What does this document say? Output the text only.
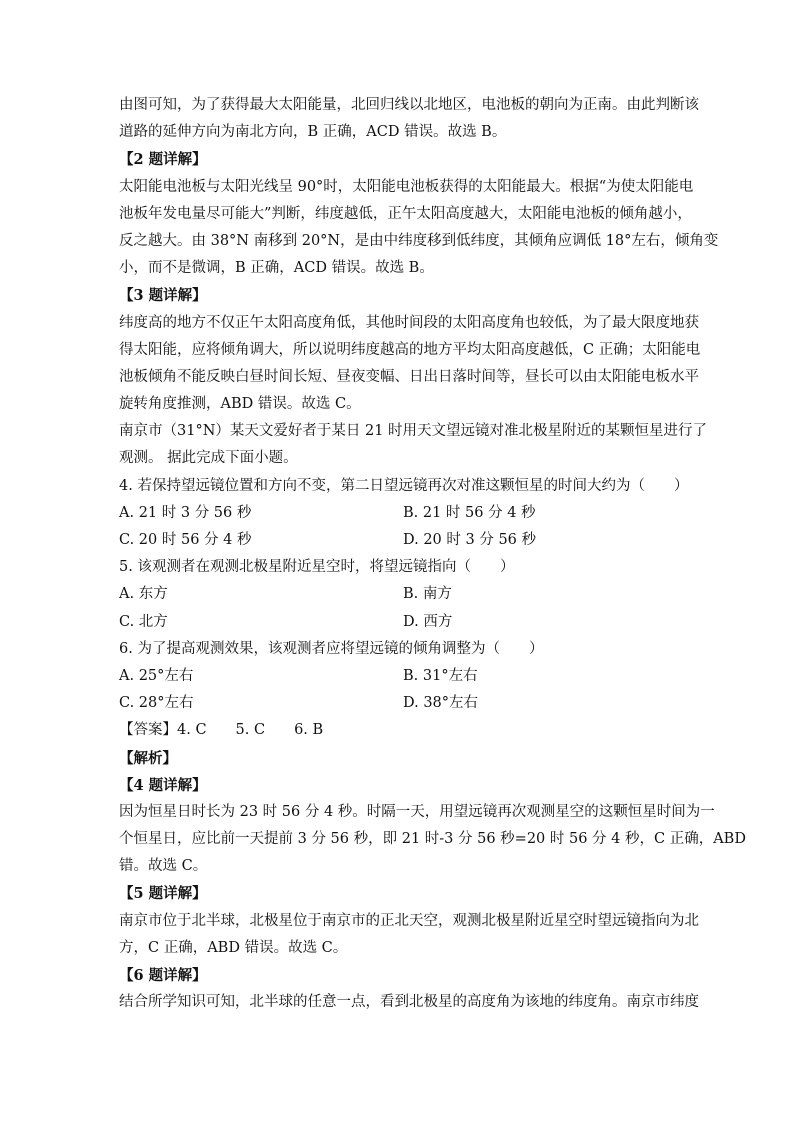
由图可知，为了获得最大太阳能量，北回归线以北地区，电池板的朝向为正南。由此判断该
道路的延伸方向为南北方向，B 正确，ACD 错误。故选 B。
【2 题详解】
太阳能电池板与太阳光线呈 90°时，太阳能电池板获得的太阳能最大。根据“为使太阳能电
池板年发电量尽可能大”判断，纬度越低，正午太阳高度越大，太阳能电池板的倾角越小，
反之越大。由 38°N 南移到 20°N，是由中纬度移到低纬度，其倾角应调低 18°左右，倾角变
小，而不是微调，B 正确，ACD 错误。故选 B。
【3 题详解】
纬度高的地方不仅正午太阳高度角低，其他时间段的太阳高度角也较低，为了最大限度地获
得太阳能，应将倾角调大，所以说明纬度越高的地方平均太阳高度越低，C 正确；太阳能电
池板倾角不能反映白昼时间长短、昼夜变幅、日出日落时间等，昼长可以由太阳能电板水平
旋转角度推测，ABD 错误。故选 C。
南京市（31°N）某天文爱好者于某日 21 时用天文望远镜对准北极星附近的某颗恒星进行了
观测。 据此完成下面小题。
4. 若保持望远镜位置和方向不变，第二日望远镜再次对准这颗恒星的时间大约为（　　）
A. 21 时 3 分 56 秒	B. 21 时 56 分 4 秒
C. 20 时 56 分 4 秒	D. 20 时 3 分 56 秒
5. 该观测者在观测北极星附近星空时，将望远镜指向（　　）
A. 东方	B. 南方
C. 北方	D. 西方
6. 为了提高观测效果，该观测者应将望远镜的倾角调整为（　　）
A. 25°左右	B. 31°左右
C. 28°左右	D. 38°左右
【答案】4. C　　5. C　　6. B
【解析】
【4 题详解】
因为恒星日时长为 23 时 56 分 4 秒。时隔一天，用望远镜再次观测星空的这颗恒星时间为一
个恒星日，应比前一天提前 3 分 56 秒，即 21 时-3 分 56 秒=20 时 56 分 4 秒，C 正确，ABD
错。故选 C。
【5 题详解】
南京市位于北半球，北极星位于南京市的正北天空，观测北极星附近星空时望远镜指向为北
方，C 正确，ABD 错误。故选 C。
【6 题详解】
结合所学知识可知，北半球的任意一点，看到北极星的高度角为该地的纬度角。南京市纬度
